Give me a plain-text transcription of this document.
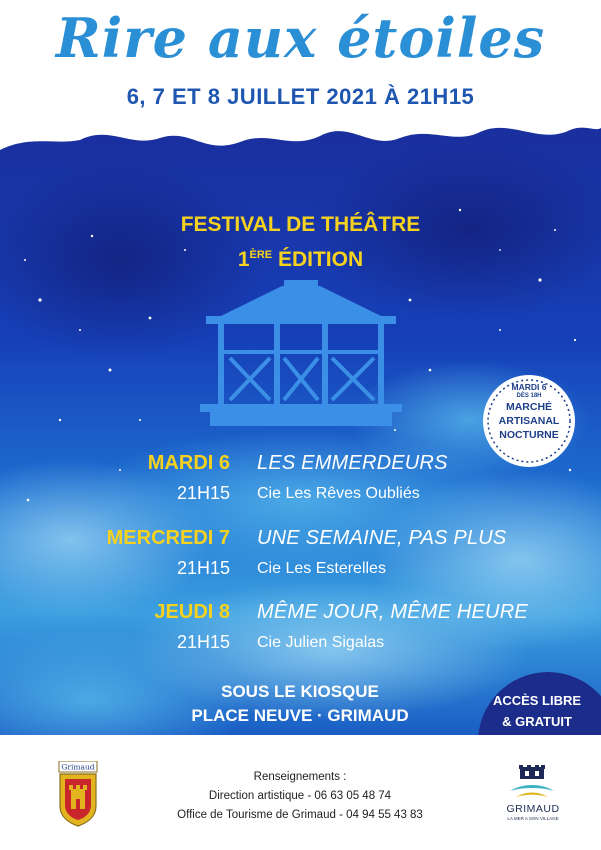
Rire aux étoiles
6, 7 ET 8 JUILLET 2021 À 21H15
FESTIVAL DE THÉÂTRE
1ÈRE ÉDITION
MARDI 6
DÈS 18H
MARCHÉ
ARTISANAL
NOCTURNE
MARDI 6
21H15
LES EMMERDEURS
Cie Les Rêves Oubliés
MERCREDI 7
21H15
UNE SEMAINE, PAS PLUS
Cie Les Esterelles
JEUDI 8
21H15
MÊME JOUR, MÊME HEURE
Cie Julien Sigalas
SOUS LE KIOSQUE
PLACE NEUVE · GRIMAUD
ACCÈS LIBRE
& GRATUIT
Grimaud
Renseignements :
Direction artistique - 06 63 05 48 74
Office de Tourisme de Grimaud - 04 94 55 43 83	GRIMAUD
LA MER A SON VILLAGE
